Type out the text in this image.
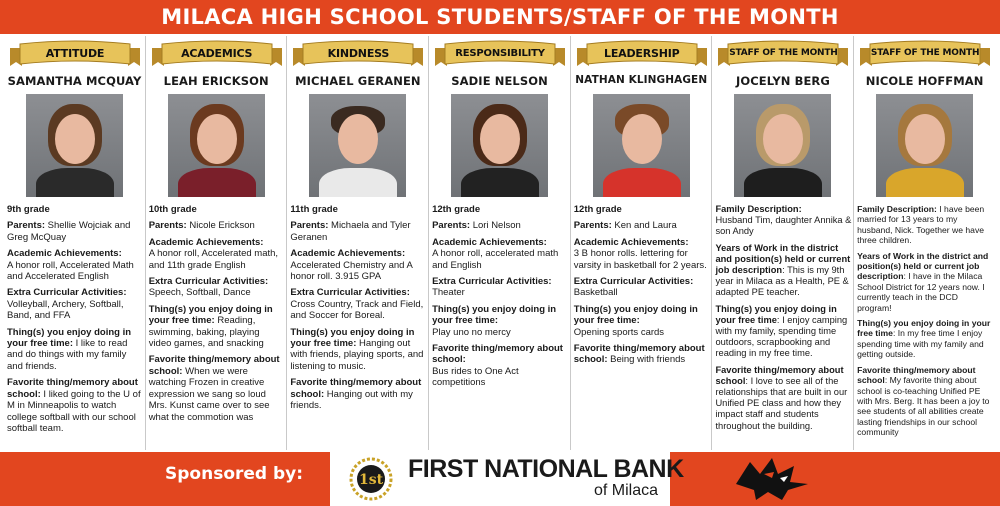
MILACA HIGH SCHOOL STUDENTS/STAFF OF THE MONTH
ATTITUDE
SAMANTHA MCQUAY

9th grade

Parents: Shellie Wojciak and Greg McQuay

Academic Achievements:
A honor roll, Accelerated Math and Accelerated English

Extra Curricular Activities:
Volleyball, Archery, Softball, Band, and FFA

Thing(s) you enjoy doing in your free time: I like to read and do things with my family and friends.

Favorite thing/memory about school: I liked going to the U of M in Minneapolis to watch college softball with our school softball team.

ACADEMICS
LEAH ERICKSON

10th grade

Parents: Nicole Erickson

Academic Achievements:
A honor roll, Accelerated math, and 11th grade English

Extra Curricular Activities:
Speech, Softball, Dance

Thing(s) you enjoy doing in your free time: Reading, swimming, baking, playing video games, and snacking

Favorite thing/memory about school: When we were watching Frozen in creative expression we sang so loud Mrs. Kunst came over to see what the commotion was

KINDNESS
MICHAEL GERANEN

11th grade

Parents: Michaela and Tyler Geranen

Academic Achievements:
Accelerated Chemistry and A honor roll. 3.915 GPA

Extra Curricular Activities:
Cross Country, Track and Field, and Soccer for Boreal.

Thing(s) you enjoy doing in your free time: Hanging out with friends, playing sports, and listening to music.

Favorite thing/memory about school: Hanging out with my friends.

RESPONSIBILITY
SADIE NELSON

12th grade

Parents: Lori Nelson

Academic Achievements:
A honor roll, accelerated math and English

Extra Curricular Activities:
Theater

Thing(s) you enjoy doing in your free time:
Play uno no mercy

Favorite thing/memory about school:
Bus rides to One Act competitions

LEADERSHIP
NATHAN KLINGHAGEN

12th grade

Parents: Ken and Laura

Academic Achievements:
3 B honor rolls. lettering for varsity in basketball for 2 years.

Extra Curricular Activities:
Basketball

Thing(s) you enjoy doing in your free time:
Opening sports cards

Favorite thing/memory about school: Being with friends

STAFF OF THE MONTH
JOCELYN BERG

Family Description:
Husband Tim, daughter Annika & son Andy

Years of Work in the district and position(s) held or current job description: This is my 9th year in Milaca as a Health, PE & adapted PE teacher.

Thing(s) you enjoy doing in your free time: I enjoy camping with my family, spending time outdoors, scrapbooking and reading in my free time.

Favorite thing/memory about school: I love to see all of the relationships that are built in our Unified PE class and how they impact staff and students throughout the building.

STAFF OF THE MONTH
NICOLE HOFFMAN

Family Description: I have been married for 13 years to my husband, Nick. Together we have three children.

Years of Work in the district and position(s) held or current job description: I have in the Milaca School District for 12 years now. I currently teach in the DCD program!

Thing(s) you enjoy doing in your free time: In my free time I enjoy spending time with my family and getting outside.

Favorite thing/memory about school: My favorite thing about school is co-teaching Unified PE with Mrs. Berg. It has been a joy to see students of all abilities create lasting friendships in our school community

Sponsored by:	1st FIRST NATIONAL BANK
of Milaca
